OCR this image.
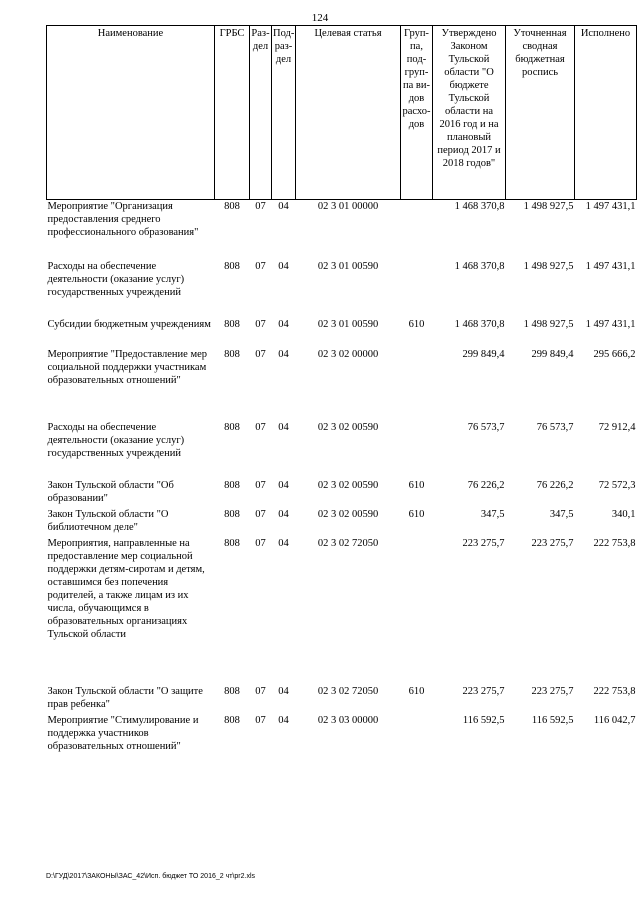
124
Наименование	ГРБС	Раз-дел	Под-раз-дел	Целевая статья	Груп-па, под-груп-па ви-дов расхо-дов	Утверждено Законом Тульской области "О бюджете Тульской области на 2016 год и на плановый период 2017 и 2018 годов"	Уточненная сводная бюджетная роспись	Исполнено
Мероприятие "Организация предоставления среднего профессионального образования"	808	07	04	02 3 01 00000		1 468 370,8	1 498 927,5	1 497 431,1
Расходы на обеспечение деятельности (оказание услуг) государственных учреждений	808	07	04	02 3 01 00590		1 468 370,8	1 498 927,5	1 497 431,1
Субсидии бюджетным учреждениям	808	07	04	02 3 01 00590	610	1 468 370,8	1 498 927,5	1 497 431,1
Мероприятие "Предоставление мер социальной поддержки участникам образовательных отношений"	808	07	04	02 3 02 00000		299 849,4	299 849,4	295 666,2
Расходы на обеспечение деятельности (оказание услуг) государственных учреждений	808	07	04	02 3 02 00590		76 573,7	76 573,7	72 912,4
Закон Тульской области "Об образовании"	808	07	04	02 3 02 00590	610	76 226,2	76 226,2	72 572,3
Закон Тульской области "О библиотечном деле"	808	07	04	02 3 02 00590	610	347,5	347,5	340,1
Мероприятия, направленные на предоставление мер социальной поддержки детям-сиротам и детям, оставшимся без попечения родителей, а также лицам из их числа, обучающимся в образовательных организациях Тульской области	808	07	04	02 3 02 72050		223 275,7	223 275,7	222 753,8
Закон Тульской области "О защите прав ребенка"	808	07	04	02 3 02 72050	610	223 275,7	223 275,7	222 753,8
Мероприятие "Стимулирование и поддержка участников образовательных отношений"	808	07	04	02 3 03 00000		116 592,5	116 592,5	116 042,7
D:\ГУД\2017\ЗАКОНЫ\ЗАС_42\Исп. бюджет ТО 2016_2 чт\pr2.xls
